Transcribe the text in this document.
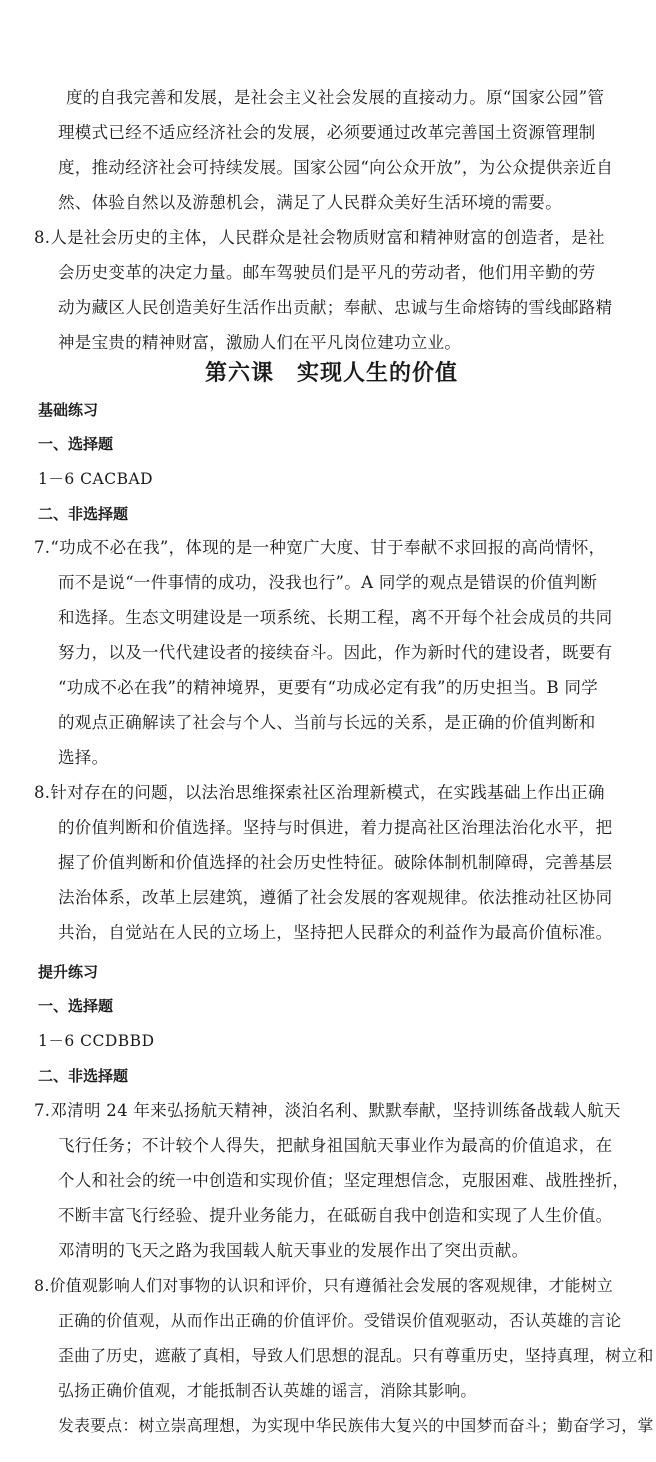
度的自我完善和发展，是社会主义社会发展的直接动力。原“国家公园”管
理模式已经不适应经济社会的发展，必须要通过改革完善国土资源管理制
度，推动经济社会可持续发展。国家公园“向公众开放”，为公众提供亲近自
然、体验自然以及游憩机会，满足了人民群众美好生活环境的需要。
8.人是社会历史的主体，人民群众是社会物质财富和精神财富的创造者，是社
会历史变革的决定力量。邮车驾驶员们是平凡的劳动者，他们用辛勤的劳
动为藏区人民创造美好生活作出贡献；奉献、忠诚与生命熔铸的雪线邮路精
神是宝贵的精神财富，激励人们在平凡岗位建功立业。
第六课　实现人生的价值
基础练习
一、选择题
1－6 CACBAD
二、非选择题
7.“功成不必在我”，体现的是一种宽广大度、甘于奉献不求回报的高尚情怀，
而不是说“一件事情的成功，没我也行”。A 同学的观点是错误的价值判断
和选择。生态文明建设是一项系统、长期工程，离不开每个社会成员的共同
努力，以及一代代建设者的接续奋斗。因此，作为新时代的建设者，既要有
“功成不必在我”的精神境界，更要有“功成必定有我”的历史担当。B 同学
的观点正确解读了社会与个人、当前与长远的关系，是正确的价值判断和
选择。
8.针对存在的问题，以法治思维探索社区治理新模式，在实践基础上作出正确
的价值判断和价值选择。坚持与时俱进，着力提高社区治理法治化水平，把
握了价值判断和价值选择的社会历史性特征。破除体制机制障碍，完善基层
法治体系，改革上层建筑，遵循了社会发展的客观规律。依法推动社区协同
共治，自觉站在人民的立场上，坚持把人民群众的利益作为最高价值标准。
提升练习
一、选择题
1－6 CCDBBD
二、非选择题
7.邓清明 24 年来弘扬航天精神，淡泊名利、默默奉献，坚持训练备战载人航天
飞行任务；不计较个人得失，把献身祖国航天事业作为最高的价值追求，在
个人和社会的统一中创造和实现价值；坚定理想信念，克服困难、战胜挫折，
不断丰富飞行经验、提升业务能力，在砥砺自我中创造和实现了人生价值。
邓清明的飞天之路为我国载人航天事业的发展作出了突出贡献。
8.价值观影响人们对事物的认识和评价，只有遵循社会发展的客观规律，才能树立
正确的价值观，从而作出正确的价值评价。受错误价值观驱动，否认英雄的言论
歪曲了历史，遮蔽了真相，导致人们思想的混乱。只有尊重历史，坚持真理，树立和
弘扬正确价值观，才能抵制否认英雄的谣言，消除其影响。
发表要点：树立崇高理想，为实现中华民族伟大复兴的中国梦而奋斗；勤奋学习，掌
